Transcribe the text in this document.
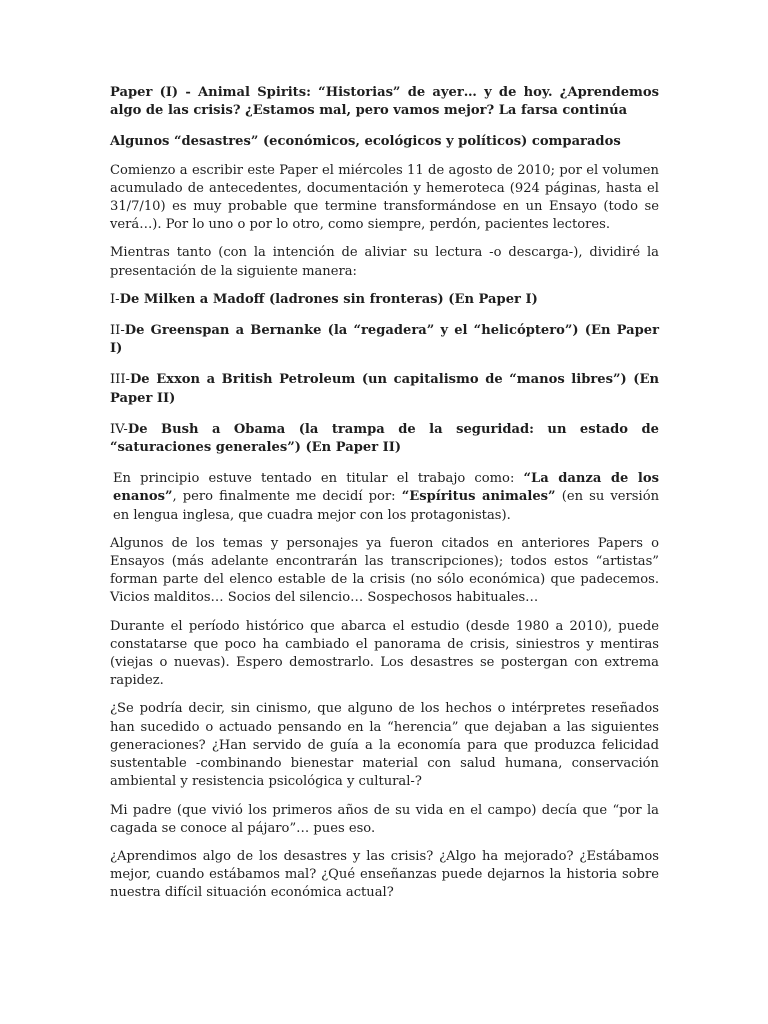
Paper (I) - Animal Spirits: “Historias” de ayer… y de hoy. ¿Aprendemos algo de las crisis? ¿Estamos mal, pero vamos mejor? La farsa continúa

Algunos “desastres” (económicos, ecológicos y políticos) comparados

Comienzo a escribir este Paper el miércoles 11 de agosto de 2010; por el volumen acumulado de antecedentes, documentación y hemeroteca (924 páginas, hasta el 31/7/10) es muy probable que termine transformándose en un Ensayo (todo se verá…). Por lo uno o por lo otro, como siempre, perdón, pacientes lectores.

Mientras tanto (con la intención de aliviar su lectura -o descarga-), dividiré la presentación de la siguiente manera:

I-De Milken a Madoff (ladrones sin fronteras) (En Paper I)

II-De Greenspan a Bernanke (la “regadera” y el “helicóptero”) (En Paper I)

III-De Exxon a British Petroleum (un capitalismo de “manos libres”) (En Paper II)

IV-De Bush a Obama (la trampa de la seguridad: un estado de “saturaciones generales”) (En Paper II)

En principio estuve tentado en titular el trabajo como: “La danza de los enanos”, pero finalmente me decidí por: “Espíritus animales” (en su versión en lengua inglesa, que cuadra mejor con los protagonistas).

Algunos de los temas y personajes ya fueron citados en anteriores Papers o Ensayos (más adelante encontrarán las transcripciones); todos estos “artistas” forman parte del elenco estable de la crisis (no sólo económica) que padecemos. Vicios malditos… Socios del silencio… Sospechosos habituales…

Durante el período histórico que abarca el estudio (desde 1980 a 2010), puede constatarse que poco ha cambiado el panorama de crisis, siniestros y mentiras (viejas o nuevas). Espero demostrarlo. Los desastres se postergan con extrema rapidez.

¿Se podría decir, sin cinismo, que alguno de los hechos o intérpretes reseñados han sucedido o actuado pensando en la “herencia” que dejaban a las siguientes generaciones? ¿Han servido de guía a la economía para que produzca felicidad sustentable -combinando bienestar material con salud humana, conservación ambiental y resistencia psicológica y cultural-?

Mi padre (que vivió los primeros años de su vida en el campo) decía que “por la cagada se conoce al pájaro”… pues eso.

¿Aprendimos algo de los desastres y las crisis? ¿Algo ha mejorado? ¿Estábamos mejor, cuando estábamos mal? ¿Qué enseñanzas puede dejarnos la historia sobre nuestra difícil situación económica actual?
